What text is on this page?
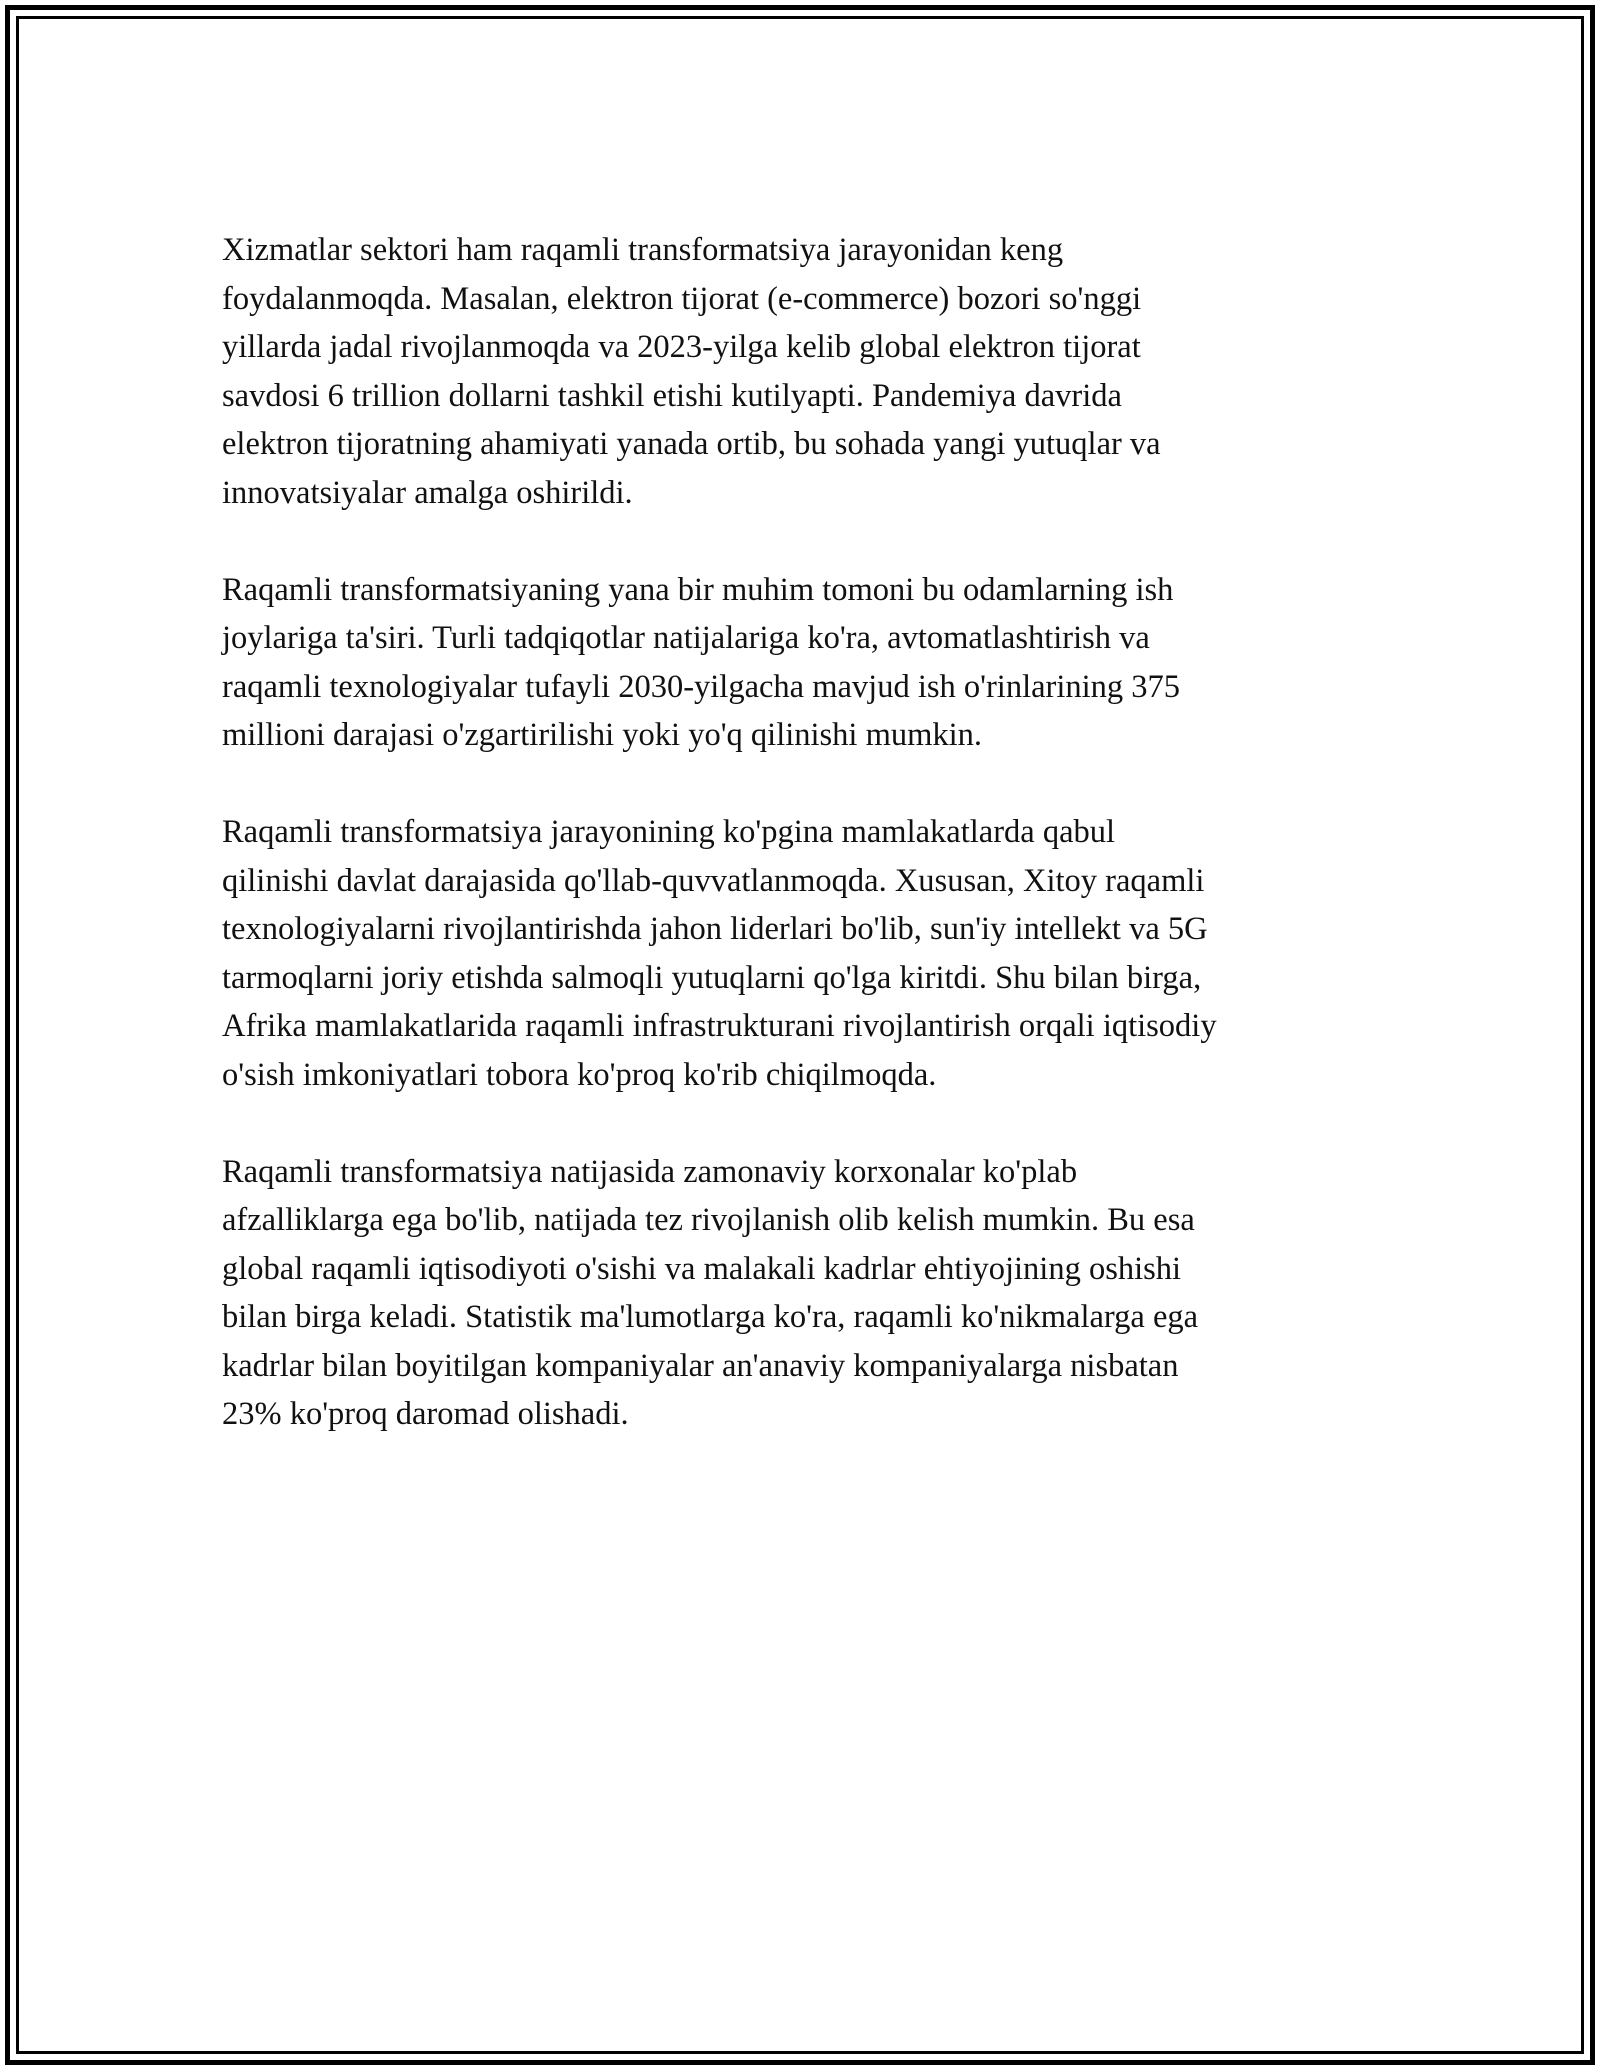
Xizmatlar sektori ham raqamli transformatsiya jarayonidan keng
foydalanmoqda. Masalan, elektron tijorat (e-commerce) bozori so'nggi
yillarda jadal rivojlanmoqda va 2023-yilga kelib global elektron tijorat
savdosi 6 trillion dollarni tashkil etishi kutilyapti. Pandemiya davrida
elektron tijoratning ahamiyati yanada ortib, bu sohada yangi yutuqlar va
innovatsiyalar amalga oshirildi.

Raqamli transformatsiyaning yana bir muhim tomoni bu odamlarning ish
joylariga ta'siri. Turli tadqiqotlar natijalariga ko'ra, avtomatlashtirish va
raqamli texnologiyalar tufayli 2030-yilgacha mavjud ish o'rinlarining 375
millioni darajasi o'zgartirilishi yoki yo'q qilinishi mumkin.

Raqamli transformatsiya jarayonining ko'pgina mamlakatlarda qabul
qilinishi davlat darajasida qo'llab-quvvatlanmoqda. Xususan, Xitoy raqamli
texnologiyalarni rivojlantirishda jahon liderlari bo'lib, sun'iy intellekt va 5G
tarmoqlarni joriy etishda salmoqli yutuqlarni qo'lga kiritdi. Shu bilan birga,
Afrika mamlakatlarida raqamli infrastrukturani rivojlantirish orqali iqtisodiy
o'sish imkoniyatlari tobora ko'proq ko'rib chiqilmoqda.

Raqamli transformatsiya natijasida zamonaviy korxonalar ko'plab
afzalliklarga ega bo'lib, natijada tez rivojlanish olib kelish mumkin. Bu esa
global raqamli iqtisodiyoti o'sishi va malakali kadrlar ehtiyojining oshishi
bilan birga keladi. Statistik ma'lumotlarga ko'ra, raqamli ko'nikmalarga ega
kadrlar bilan boyitilgan kompaniyalar an'anaviy kompaniyalarga nisbatan
23% ko'proq daromad olishadi.
